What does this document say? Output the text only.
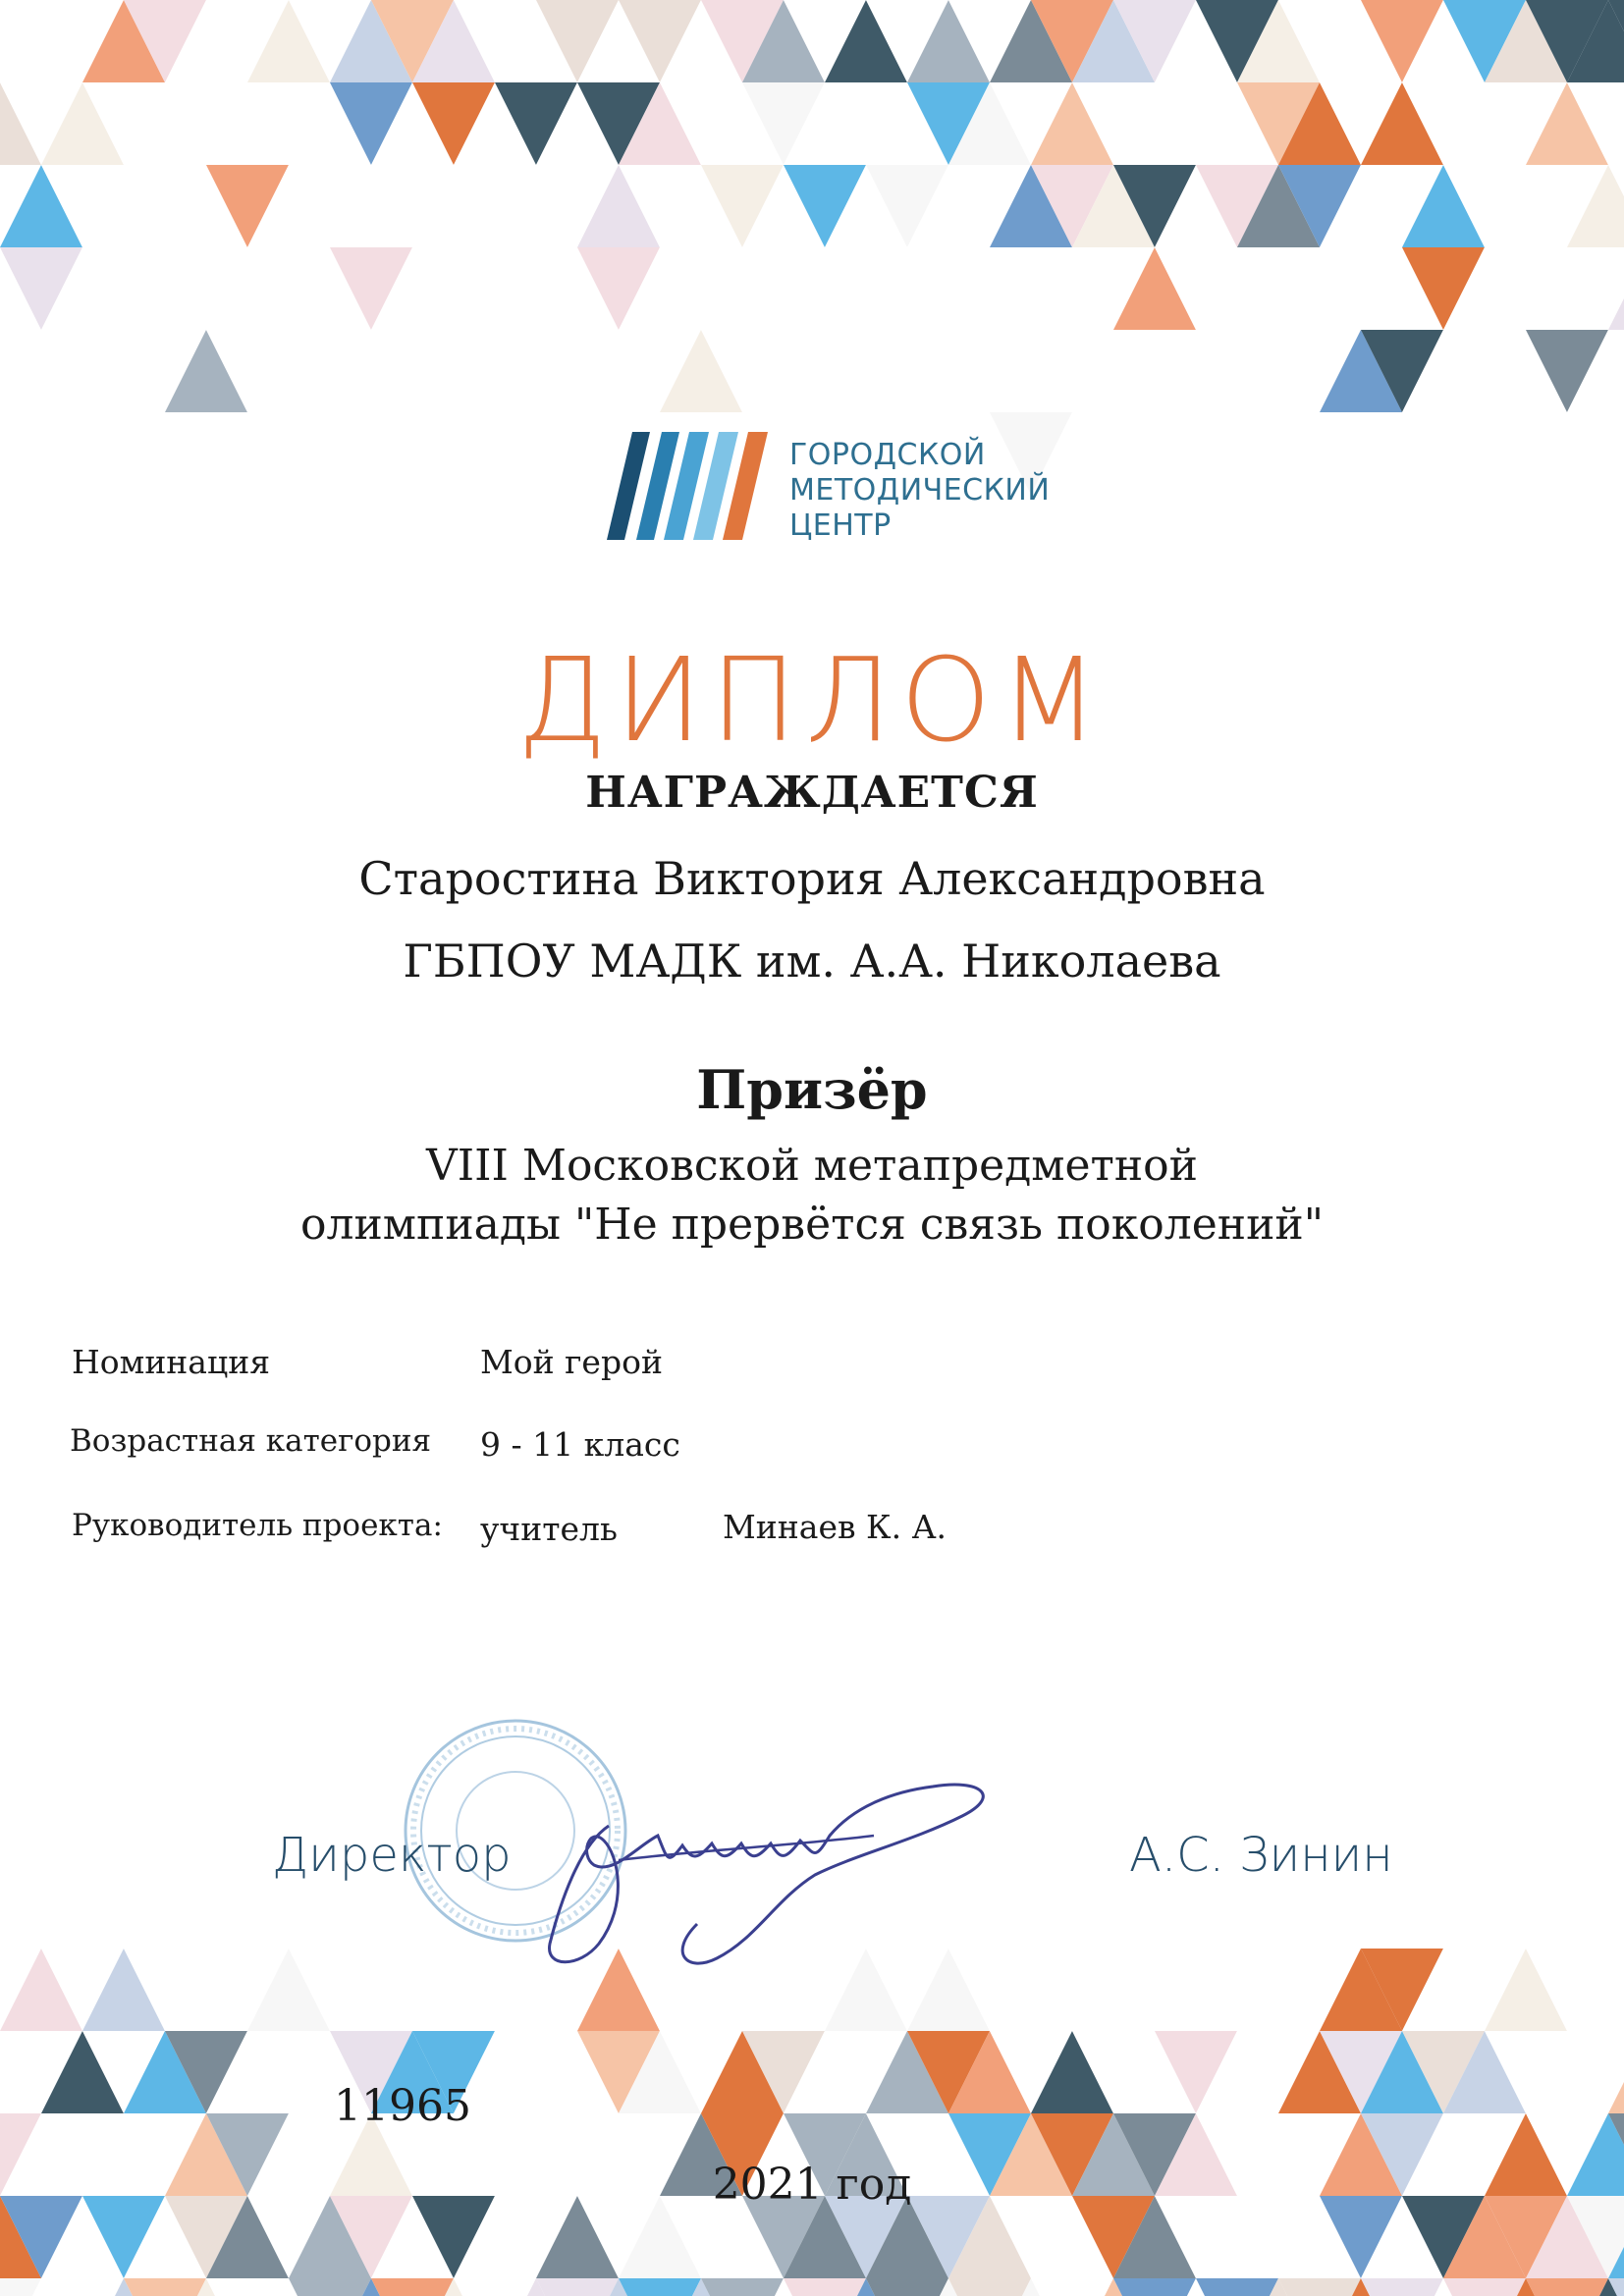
ГОРОДСКОЙ
МЕТОДИЧЕСКИЙ
ЦЕНТР
ДИПЛОМ
НАГРАЖДАЕТСЯ
Старостина Виктория Александровна
ГБПОУ МАДК им. А.А. Николаева
Призёр
VIII Московской метапредметной
олимпиады "Не прервётся связь поколений"
Номинация	Мой герой
Возрастная категория 9 - 11 класс
Руководитель проекта: учитель	Минаев К. А.
Директор	А.С. Зинин
11965
2021 год
